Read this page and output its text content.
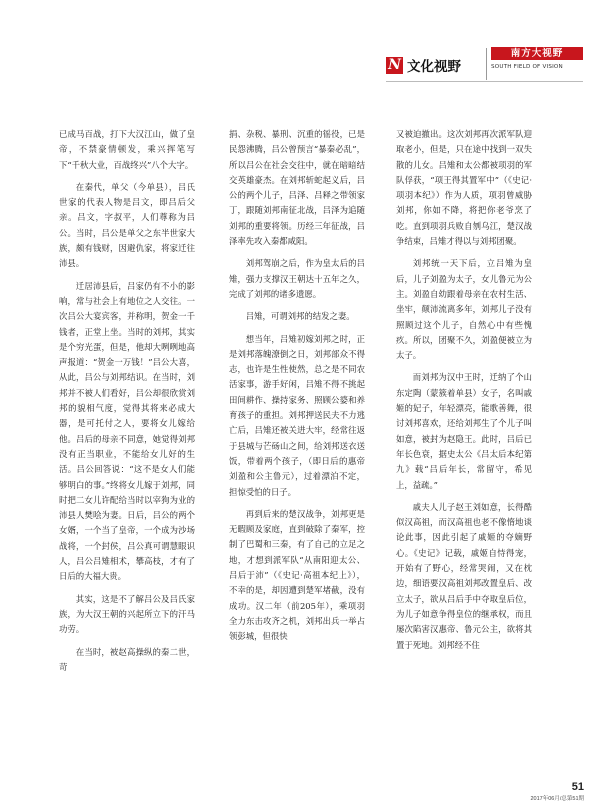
N 文化视野
南方大视野
SOUTH FIELD OF VISION

已成马百战，打下大汉江山，做了皇帝，不禁豪情顿发，乘兴挥笔写下“千秋大业，百战终兴”八个大字。

在秦代，单父（今单县），吕氏世家的代表人物是吕文，即吕后父亲。吕文，字叔平，人们尊称为吕公。当时，吕公是单父之东半世家大族，颇有钱财，因避仇家，将家迁往沛县。

迁居沛县后，吕家仍有不小的影响，常与社会上有地位之人交往。一次吕公大宴宾客，并称明，贺金一千钱者，正堂上坐。当时的刘邦，其实是个穷光蛋，但是，他却大咧咧地高声报道：“贺金一万钱！”吕公大喜，从此，吕公与刘邦结识。在当时，刘邦并不被人们看好，吕公却很欣赏刘邦的貌相气度，觉得其将来必成大器，是可托付之人，要将女儿嫁给他。吕后的母亲不同意，她觉得刘邦没有正当职业，不能给女儿好的生活。吕公回答说：“这不是女人们能够明白的事。”终将女儿嫁于刘邦，同时把二女儿许配给当时以宰狗为业的沛县人樊哙为妻。日后，吕公的两个女婿，一个当了皇帝，一个成为沙场战将，一个封侯，吕公真可谓慧眼识人，吕公吕雉相术，攀高枝，才有了日后的大福大贵。

其实，这是不了解吕公及吕氏家族，为大汉王朝的兴起所立下的汗马功劳。

在当时，被赵高操纵的秦二世，苛

捐、杂税、暴刑、沉重的徭役，已是民怨沸腾，吕公曾预言“暴秦必乱”，所以吕公在社会交往中，就在暗暗结交英雄豪杰。在刘邦斩蛇起义后，吕公的两个儿子，吕泽、吕释之带领家丁，跟随刘邦南征北战，吕泽为追随刘邦的重要将领。历经三年征战，吕泽率先攻入秦都咸阳。

刘邦驾崩之后，作为皇太后的吕雉，强力支撑汉王朝达十五年之久，完成了刘邦的诸多遗愿。

吕雉，可谓刘邦的结发之妻。

想当年，吕雉初嫁刘邦之时，正是刘邦落魄潦倒之日，刘邦部众不得志，也许是生性使然，总之是不同农活家事，游手好闲，吕雉不得不挑起田间耕作、操持家务、照顾公婆和养育孩子的重担。刘邦押送民夫不力逃亡后，吕雉还被关进大牢，经常往返于县城与芒砀山之间，给刘邦送衣送饭，带着两个孩子，（即日后的惠帝刘盈和公主鲁元），过着漂泊不定，担惊受怕的日子。

再到后来的楚汉战争，刘邦更是无暇顾及家庭，直到破除了秦军，控制了巴蜀和三秦，有了自己的立足之地，才想到派军队“从南阳迎太公、吕后于沛”（《史记·高祖本纪上》），不幸的是，却因遭到楚军堵截，没有成功。汉二年（前205年），乘项羽全力东击攻齐之机，刘邦出兵一举占领彭城，但很快

又被迫撤出。这次刘邦再次派军队迎取老小，但是，只在途中找到一双失散的儿女。吕雉和太公都被项羽的军队俘获，“项王得其置军中”（《史记·项羽本纪》）作为人质，项羽曾威胁刘邦，你如不降，将把你老爷烹了吃。直到项羽兵败自刎乌江，楚汉战争结束，吕雉才得以与刘邦团聚。

刘邦统一天下后，立吕雉为皇后，儿子刘盈为太子，女儿鲁元为公主。刘盈自幼跟着母亲在农村生活、坐牢，颠沛流离多年，刘邦儿子没有照顾过这个儿子，自然心中有些愧疚。所以，团聚不久，刘盈便被立为太子。

而刘邦为汉中王时，迁纳了个山东定陶（蒙簇着单县）女子，名叫戚姬的妃子，年轻漂亮，能歌善舞，很讨刘邦喜欢，还给刘邦生了个儿子叫如意，被封为赵隐王。此时，吕后已年长色衰，据史太公《吕太后本纪第九》载“吕后年长，常留守，希见上，益疏。”

戚夫人儿子赵王刘如意，长得酷似汉高祖，而汉高祖也老不像惰地谈论此事，因此引起了戚姬的夺嫡野心。《史记》记载，戚姬自恃得宠，开始有了野心，经常哭闹，又在枕边，细语要汉高祖刘邦改置皇后、改立太子，欲从吕后手中夺取皇后位，为儿子如意争得皇位的继承权，而且屡次陷害汉惠帝、鲁元公主，欲将其置于死地。刘邦经不住

51
2017年06月/总第51期
